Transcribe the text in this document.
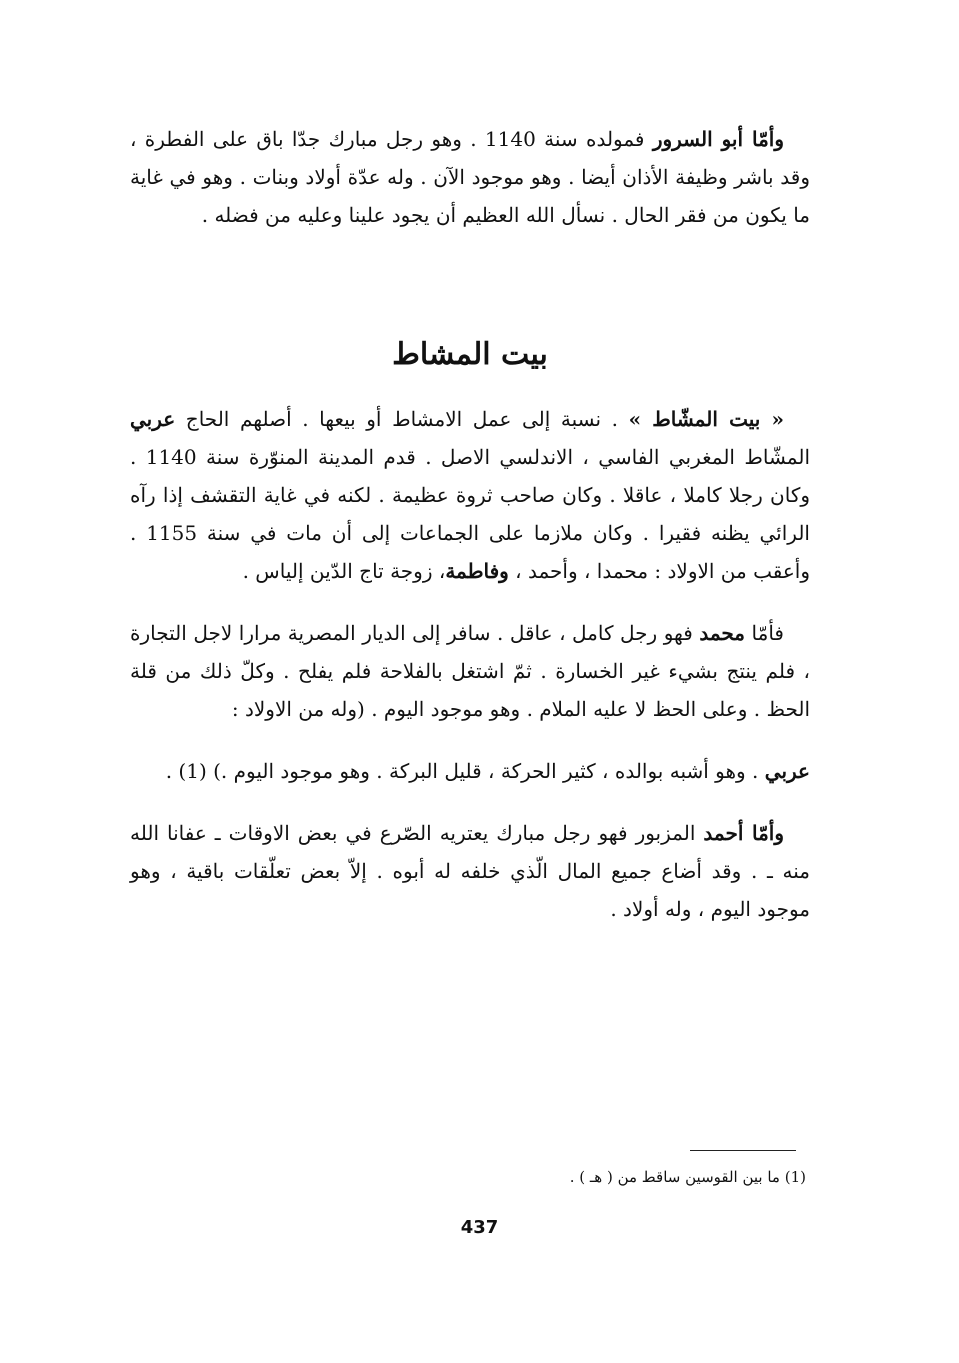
وأمّا أبو السرور فمولده سنة 1140 . وهو رجل مبارك جدّا باق على الفطرة ، وقد باشر وظيفة الأذان أيضا . وهو موجود الآن . وله عدّة أولاد وبنات . وهو في غاية ما يكون من فقر الحال . نسأل الله العظيم أن يجود علينا وعليه من فضله .

بيت المشاط

« بيت المشّاط » . نسبة إلى عمل الامشاط أو بيعها . أصلهم الحاج عربي المشّاط المغربي الفاسي ، الاندلسي الاصل . قدم المدينة المنوّرة سنة 1140 . وكان رجلا كاملا ، عاقلا . وكان صاحب ثروة عظيمة . لكنه في غاية التقشف إذا رآه الرائي يظنه فقيرا . وكان ملازما على الجماعات إلى أن مات في سنة 1155 . وأعقب من الاولاد : محمدا ، وأحمد ، وفاطمة، زوجة تاج الدّين إلياس .

فأمّا محمد فهو رجل كامل ، عاقل . سافر إلى الديار المصرية مرارا لاجل التجارة ، فلم ينتج بشيء غير الخسارة . ثمّ اشتغل بالفلاحة فلم يفلح . وكلّ ذلك من قلة الحظ . وعلى الحظ لا عليه الملام . وهو موجود اليوم . (وله من الاولاد :

عربي . وهو أشبه بوالده ، كثير الحركة ، قليل البركة . وهو موجود اليوم .) (1) .

وأمّا أحمد المزبور فهو رجل مبارك يعتريه الصّرع في بعض الاوقات ـ عفانا الله منه ـ . وقد أضاع جميع المال الّذي خلفه له أبوه . إلاّ بعض تعلّقات باقية ، وهو موجود اليوم ، وله أولاد .

(1) ما بين القوسين ساقط من ( هـ ) .
437
